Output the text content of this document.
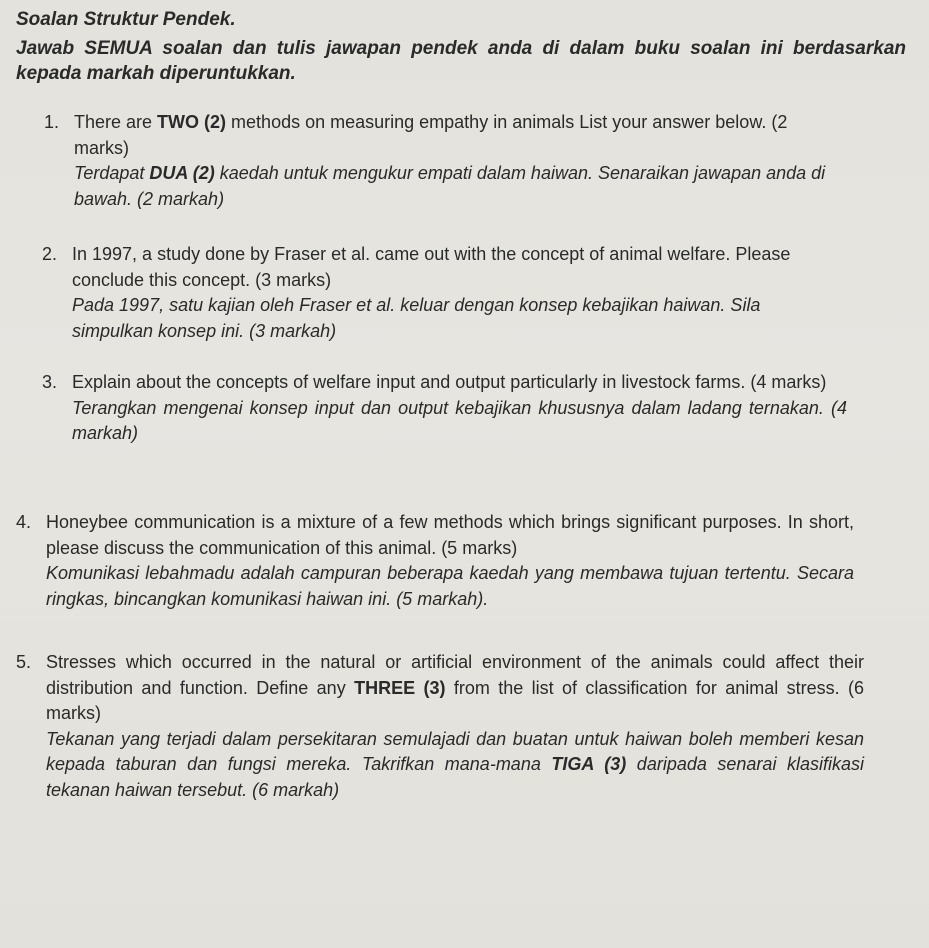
Soalan Struktur Pendek.

Jawab SEMUA soalan dan tulis jawapan pendek anda di dalam buku soalan ini berdasarkan kepada markah diperuntukkan.

1. There are TWO (2) methods on measuring empathy in animals List your answer below. (2 marks)

Terdapat DUA (2) kaedah untuk mengukur empati dalam haiwan. Senaraikan jawapan anda di bawah. (2 markah)

2. In 1997, a study done by Fraser et al. came out with the concept of animal welfare. Please conclude this concept. (3 marks)

Pada 1997, satu kajian oleh Fraser et al. keluar dengan konsep kebajikan haiwan. Sila simpulkan konsep ini. (3 markah)

3. Explain about the concepts of welfare input and output particularly in livestock farms. (4 marks)

Terangkan mengenai konsep input dan output kebajikan khususnya dalam ladang ternakan. (4 markah)

4. Honeybee communication is a mixture of a few methods which brings significant purposes. In short, please discuss the communication of this animal. (5 marks)

Komunikasi lebahmadu adalah campuran beberapa kaedah yang membawa tujuan tertentu. Secara ringkas, bincangkan komunikasi haiwan ini. (5 markah).

5. Stresses which occurred in the natural or artificial environment of the animals could affect their distribution and function. Define any THREE (3) from the list of classification for animal stress. (6 marks)

Tekanan yang terjadi dalam persekitaran semulajadi dan buatan untuk haiwan boleh memberi kesan kepada taburan dan fungsi mereka. Takrifkan mana-mana TIGA (3) daripada senarai klasifikasi tekanan haiwan tersebut. (6 markah)
